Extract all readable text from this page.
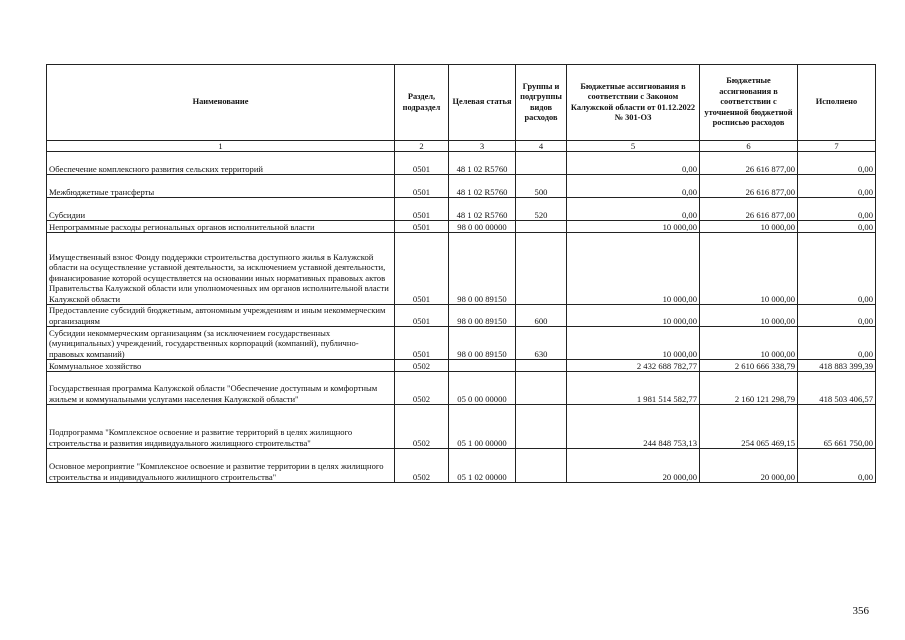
Наименование	Раздел, подраздел	Целевая статья	Группы и подгруппы видов расходов	Бюджетные ассигнования в соответствии с Законом Калужской области от 01.12.2022 № 301-ОЗ	Бюджетные ассигнования в соответствии с уточненной бюджетной росписью расходов	Исполнено
1	2	3	4	5	6	7
Обеспечение комплексного развития сельских территорий	0501	48 1 02 R5760		0,00	26 616 877,00	0,00
Межбюджетные трансферты	0501	48 1 02 R5760	500	0,00	26 616 877,00	0,00
Субсидии	0501	48 1 02 R5760	520	0,00	26 616 877,00	0,00
Непрограммные расходы региональных органов исполнительной власти	0501	98 0 00 00000		10 000,00	10 000,00	0,00
Имущественный взнос Фонду поддержки строительства доступного жилья в Калужской области на осуществление уставной деятельности, за исключением уставной деятельности, финансирование которой осуществляется на основании иных нормативных правовых актов Правительства Калужской области или уполномоченных им органов исполнительной власти Калужской области	0501	98 0 00 89150		10 000,00	10 000,00	0,00
Предоставление субсидий бюджетным, автономным учреждениям и иным некоммерческим организациям	0501	98 0 00 89150	600	10 000,00	10 000,00	0,00
Субсидии некоммерческим организациям (за исключением государственных (муниципальных) учреждений, государственных корпораций (компаний), публично-правовых компаний)	0501	98 0 00 89150	630	10 000,00	10 000,00	0,00
Коммунальное хозяйство	0502			2 432 688 782,77	2 610 666 338,79	418 883 399,39
Государственная программа Калужской области "Обеспечение доступным и комфортным жильем и коммунальными услугами населения Калужской области"	0502	05 0 00 00000		1 981 514 582,77	2 160 121 298,79	418 503 406,57
Подпрограмма "Комплексное освоение и развитие территорий в целях жилищного строительства и развития индивидуального жилищного строительства"	0502	05 1 00 00000		244 848 753,13	254 065 469,15	65 661 750,00
Основное мероприятие "Комплексное освоение и развитие территории в целях жилищного строительства и индивидуального жилищного строительства"	0502	05 1 02 00000		20 000,00	20 000,00	0,00
356
